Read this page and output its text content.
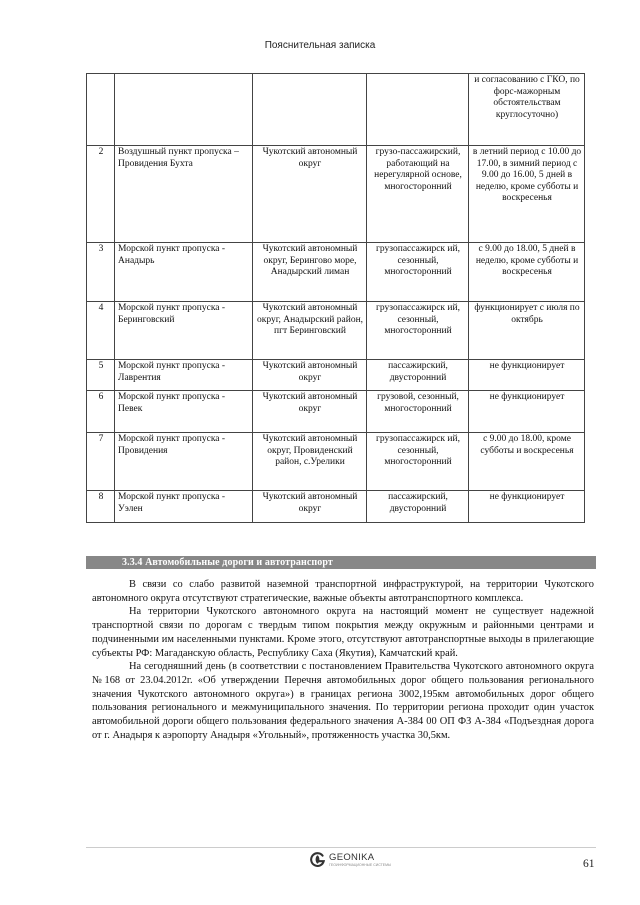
Пояснительная записка
				и согласованию с ГКО, по форс-мажорным обстоятельствам круглосуточно)
2	Воздушный пункт пропуска – Провидения Бухта	Чукотский автономный округ	грузо-пассажирский, работающий на нерегулярной основе, многосторонний	в летний период с 10.00 до 17.00, в зимний период с 9.00 до 16.00, 5 дней в неделю, кроме субботы и воскресенья
3	Морской пункт пропуска - Анадырь	Чукотский автономный округ, Берингово море, Анадырский лиман	грузопассажирск ий, сезонный, многосторонний	с 9.00 до 18.00, 5 дней в неделю, кроме субботы и воскресенья
4	Морской пункт пропуска - Беринговский	Чукотский автономный округ, Анадырский район, пгт Беринговский	грузопассажирск ий, сезонный, многосторонний	функционирует с июля по октябрь
5	Морской пункт пропуска - Лаврентия	Чукотский автономный округ	пассажирский, двусторонний	не функционирует
6	Морской пункт пропуска - Певек	Чукотский автономный округ	грузовой, сезонный, многосторонний	не функционирует
7	Морской пункт пропуска - Провидения	Чукотский автономный округ, Провиденский район, с.Урелики	грузопассажирск ий, сезонный, многосторонний	с 9.00 до 18.00, кроме субботы и воскресенья
8	Морской пункт пропуска - Уэлен	Чукотский автономный округ	пассажирский, двусторонний	не функционирует
3.3.4 Автомобильные дороги и автотранспорт

В связи со слабо развитой наземной транспортной инфраструктурой, на территории Чукотского автономного округа отсутствуют стратегические, важные объекты автотранспортного комплекса.

На территории Чукотского автономного округа на настоящий момент не существует надежной транспортной связи по дорогам с твердым типом покрытия между окружным и районными центрами и подчиненными им населенными пунктами. Кроме этого, отсутствуют автотранспортные выходы в прилегающие субъекты РФ: Магаданскую область, Республику Саха (Якутия), Камчатский край.

На сегодняшний день (в соответствии с постановлением Правительства Чукотского автономного округа №168 от 23.04.2012г. «Об утверждении Перечня автомобильных дорог общего пользования регионального значения Чукотского автономного округа») в границах региона 3002,195км автомобильных дорог общего пользования регионального и межмуниципального значения. По территории региона проходит один участок автомобильной дороги общего пользования федерального значения А-384 00 ОП ФЗ А-384 «Подъездная дорога от г. Анадыря к аэропорту Анадыря «Угольный», протяженность участка 30,5км.

GEONIKA
ГЕОИНФОРМАЦИОННЫЕ СИСТЕМЫ	61
